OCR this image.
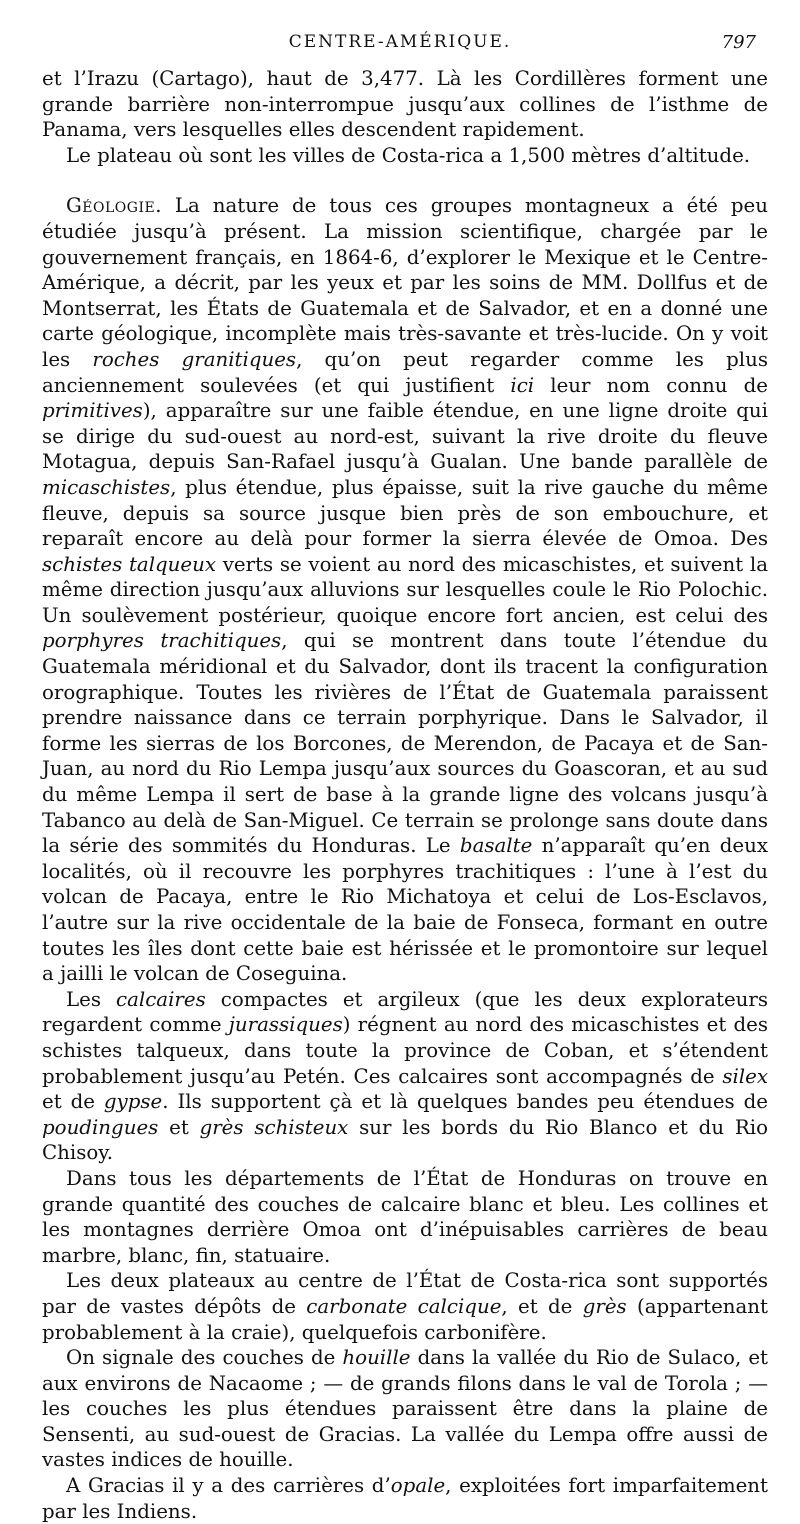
CENTRE-AMÉRIQUE.	797

et l’Irazu (Cartago), haut de 3,477. Là les Cordillères forment une grande barrière non-interrompue jusqu’aux collines de l’isthme de Panama, vers lesquelles elles descendent rapidement.

Le plateau où sont les villes de Costa-rica a 1,500 mètres d’altitude.

Géologie. La nature de tous ces groupes montagneux a été peu étudiée jusqu’à présent. La mission scientifique, chargée par le gouvernement français, en 1864-6, d’explorer le Mexique et le Centre-Amérique, a décrit, par les yeux et par les soins de MM. Dollfus et de Montserrat, les États de Guatemala et de Salvador, et en a donné une carte géologique, incomplète mais très-savante et très-lucide. On y voit les roches granitiques, qu’on peut regarder comme les plus anciennement soulevées (et qui justifient ici leur nom connu de primitives), apparaître sur une faible étendue, en une ligne droite qui se dirige du sud-ouest au nord-est, suivant la rive droite du fleuve Motagua, depuis San-Rafael jusqu’à Gualan. Une bande parallèle de micaschistes, plus étendue, plus épaisse, suit la rive gauche du même fleuve, depuis sa source jusque bien près de son embouchure, et reparaît encore au delà pour former la sierra élevée de Omoa. Des schistes talqueux verts se voient au nord des micaschistes, et suivent la même direction jusqu’aux alluvions sur lesquelles coule le Rio Polochic. Un soulèvement postérieur, quoique encore fort ancien, est celui des porphyres trachitiques, qui se montrent dans toute l’étendue du Guatemala méridional et du Salvador, dont ils tracent la configuration orographique. Toutes les rivières de l’État de Guatemala paraissent prendre naissance dans ce terrain porphyrique. Dans le Salvador, il forme les sierras de los Borcones, de Merendon, de Pacaya et de San-Juan, au nord du Rio Lempa jusqu’aux sources du Goascoran, et au sud du même Lempa il sert de base à la grande ligne des volcans jusqu’à Tabanco au delà de San-Miguel. Ce terrain se prolonge sans doute dans la série des sommités du Honduras. Le basalte n’apparaît qu’en deux localités, où il recouvre les porphyres trachitiques : l’une à l’est du volcan de Pacaya, entre le Rio Michatoya et celui de Los-Esclavos, l’autre sur la rive occidentale de la baie de Fonseca, formant en outre toutes les îles dont cette baie est hérissée et le promontoire sur lequel a jailli le volcan de Coseguina.

Les calcaires compactes et argileux (que les deux explorateurs regardent comme jurassiques) régnent au nord des micaschistes et des schistes talqueux, dans toute la province de Coban, et s’étendent probablement jusqu’au Petén. Ces calcaires sont accompagnés de silex et de gypse. Ils supportent çà et là quelques bandes peu étendues de poudingues et grès schisteux sur les bords du Rio Blanco et du Rio Chisoy.

Dans tous les départements de l’État de Honduras on trouve en grande quantité des couches de calcaire blanc et bleu. Les collines et les montagnes derrière Omoa ont d’inépuisables carrières de beau marbre, blanc, fin, statuaire.

Les deux plateaux au centre de l’État de Costa-rica sont supportés par de vastes dépôts de carbonate calcique, et de grès (appartenant probablement à la craie), quelquefois carbonifère.

On signale des couches de houille dans la vallée du Rio de Sulaco, et aux environs de Nacaome ; — de grands filons dans le val de Torola ; — les couches les plus étendues paraissent être dans la plaine de Sensenti, au sud-ouest de Gracias. La vallée du Lempa offre aussi de vastes indices de houille.

A Gracias il y a des carrières d’opale, exploitées fort imparfaitement par les Indiens.
